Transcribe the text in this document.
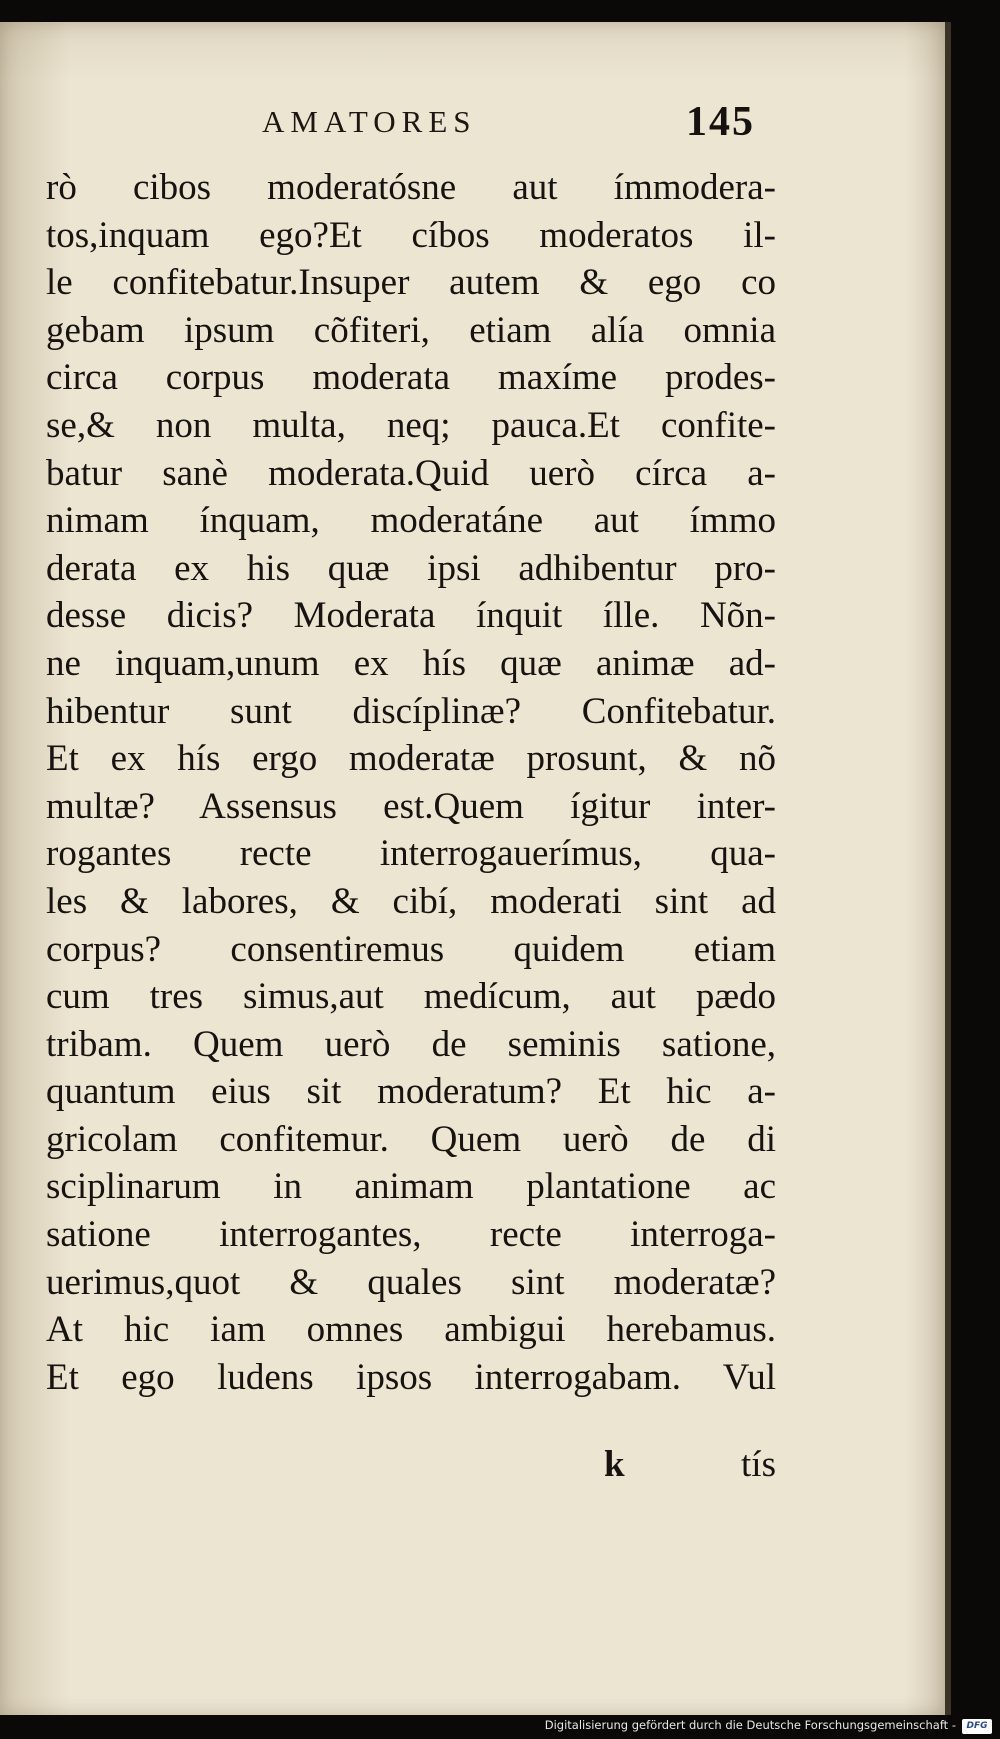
AMATORES	145
rò cibos moderatósne aut ímmodera-
tos,inquam ego?Et cíbos moderatos il-
le confitebatur.Insuper autem & ego co
gebam ipsum cõfiteri, etiam alía omnia
circa corpus moderata maxíme prodes-
se,& non multa, neq; pauca.Et confite-
batur sanè moderata.Quid uerò círca a-
nimam ínquam, moderatáne aut ímmo
derata ex his quæ ipsi adhibentur pro-
desse dicis? Moderata ínquit ílle. Nõn-
ne inquam,unum ex hís quæ animæ ad-
hibentur sunt discíplinæ? Confitebatur.
Et ex hís ergo moderatæ prosunt, & nõ
multæ? Assensus est.Quem ígitur inter-
rogantes recte interrogauerímus, qua-
les & labores, & cibí, moderati sint ad
corpus? consentiremus quidem etiam
cum tres simus,aut medícum, aut pædo
tribam. Quem uerò de seminis satione,
quantum eius sit moderatum? Et hic a-
gricolam confitemur. Quem uerò de di
sciplinarum in animam plantatione ac
satione interrogantes, recte interroga-
uerimus,quot & quales sint moderatæ?
At hic iam omnes ambigui herebamus.
Et ego ludens ipsos interrogabam. Vul
k	tís
Digitalisierung gefördert durch die Deutsche Forschungsgemeinschaft -	DFG
